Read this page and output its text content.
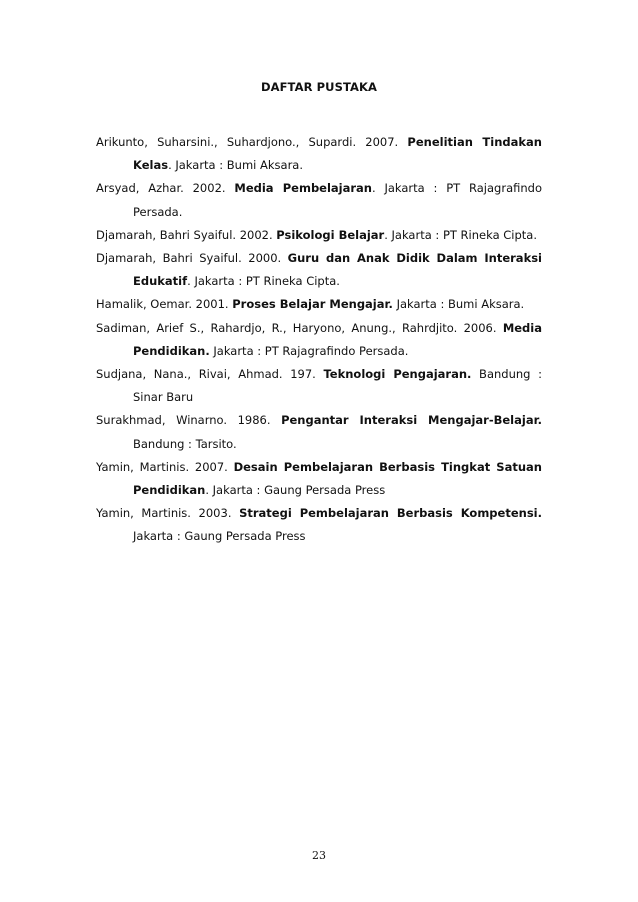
DAFTAR PUSTAKA

Arikunto, Suharsini., Suhardjono., Supardi. 2007. Penelitian Tindakan Kelas. Jakarta : Bumi Aksara.

Arsyad, Azhar. 2002. Media Pembelajaran. Jakarta : PT Rajagrafindo Persada.

Djamarah, Bahri Syaiful. 2002. Psikologi Belajar. Jakarta : PT Rineka Cipta.

Djamarah, Bahri Syaiful. 2000. Guru dan Anak Didik Dalam Interaksi Edukatif. Jakarta : PT Rineka Cipta.

Hamalik, Oemar. 2001. Proses Belajar Mengajar. Jakarta : Bumi Aksara.

Sadiman, Arief S., Rahardjo, R., Haryono, Anung., Rahrdjito. 2006. Media Pendidikan. Jakarta : PT Rajagrafindo Persada.

Sudjana, Nana., Rivai, Ahmad. 197. Teknologi Pengajaran. Bandung : Sinar Baru

Surakhmad, Winarno. 1986. Pengantar Interaksi Mengajar-Belajar. Bandung : Tarsito.

Yamin, Martinis. 2007. Desain Pembelajaran Berbasis Tingkat Satuan Pendidikan. Jakarta : Gaung Persada Press

Yamin, Martinis. 2003. Strategi Pembelajaran Berbasis Kompetensi. Jakarta : Gaung Persada Press

23
